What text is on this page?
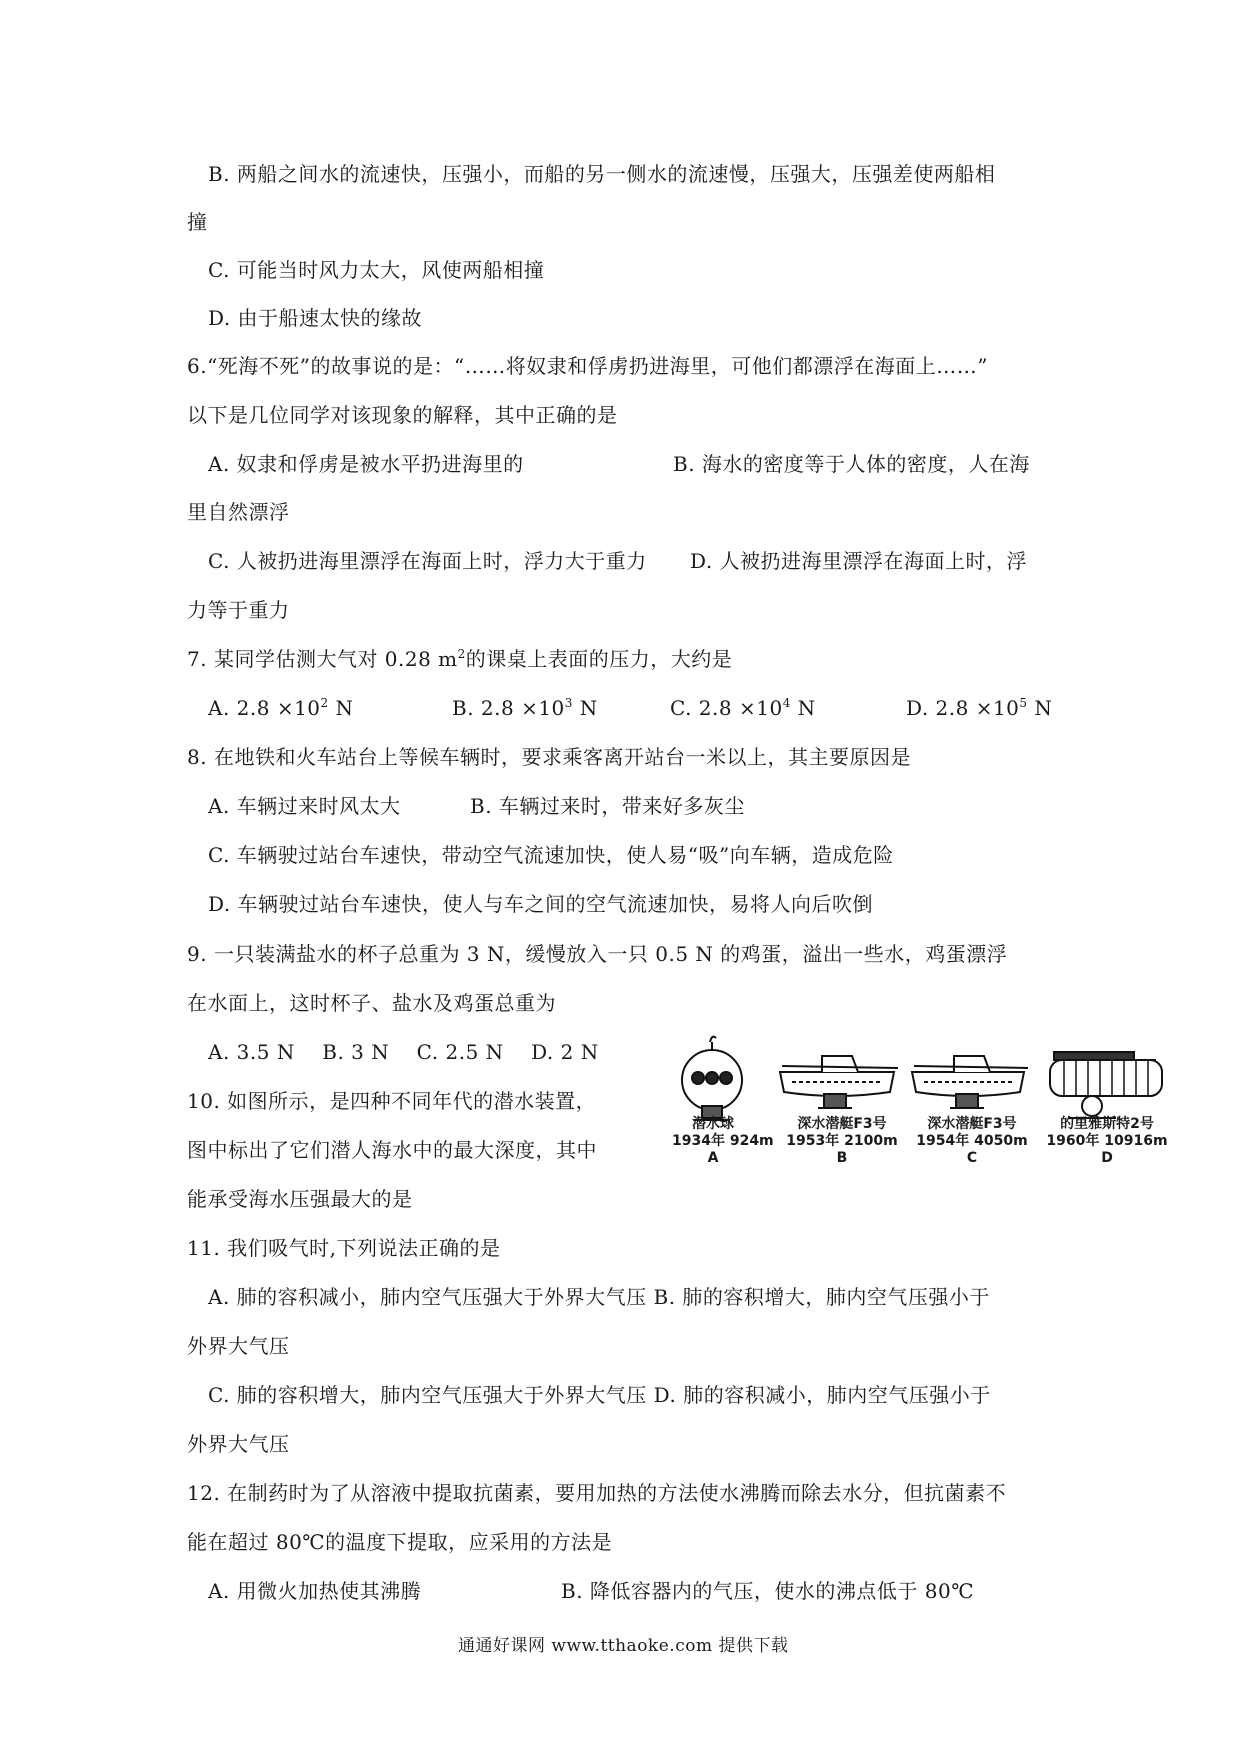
B. 两船之间水的流速快，压强小，而船的另一侧水的流速慢，压强大，压强差使两船相
撞
C. 可能当时风力太大，风使两船相撞
D. 由于船速太快的缘故
6.“死海不死”的故事说的是：“……将奴隶和俘虏扔进海里，可他们都漂浮在海面上……”
以下是几位同学对该现象的解释，其中正确的是
A. 奴隶和俘虏是被水平扔进海里的	B. 海水的密度等于人体的密度，人在海
里自然漂浮
C. 人被扔进海里漂浮在海面上时，浮力大于重力 D. 人被扔进海里漂浮在海面上时，浮
力等于重力
7. 某同学估测大气对 0.28 $m^2$的课桌上表面的压力，大约是
A. $2.8 \times 10^2$ N	B. $2.8 \times 10^3$ N	C. $2.8 \times 10^4$ N	D. $2.8 \times 10^5$ N
8. 在地铁和火车站台上等候车辆时，要求乘客离开站台一米以上，其主要原因是
A. 车辆过来时风太大	B. 车辆过来时，带来好多灰尘
C. 车辆驶过站台车速快，带动空气流速加快，使人易“吸”向车辆，造成危险
D. 车辆驶过站台车速快，使人与车之间的空气流速加快，易将人向后吹倒
9. 一只装满盐水的杯子总重为 3 N，缓慢放入一只 0.5 N 的鸡蛋，溢出一些水，鸡蛋漂浮
在水面上，这时杯子、盐水及鸡蛋总重为
A. 3.5 N    B. 3 N    C. 2.5 N    D. 2 N
10. 如图所示，是四种不同年代的潜水装置，
图中标出了它们潜人海水中的最大深度，其中
能承受海水压强最大的是
潜水球
1934年 924m
A
深水潜艇F3号
1953年 2100m
B
深水潜艇F3号
1954年 4050m
C
的里雅斯特2号
1960年 10916m
D
11. 我们吸气时,下列说法正确的是
A. 肺的容积减小，肺内空气压强大于外界大气压 B. 肺的容积增大，肺内空气压强小于
外界大气压
C. 肺的容积增大，肺内空气压强大于外界大气压 D. 肺的容积减小，肺内空气压强小于
外界大气压
12. 在制药时为了从溶液中提取抗菌素，要用加热的方法使水沸腾而除去水分，但抗菌素不
能在超过 80℃的温度下提取，应采用的方法是
A. 用微火加热使其沸腾	B. 降低容器内的气压，使水的沸点低于 80℃
通通好课网 www.tthaoke.com 提供下载
